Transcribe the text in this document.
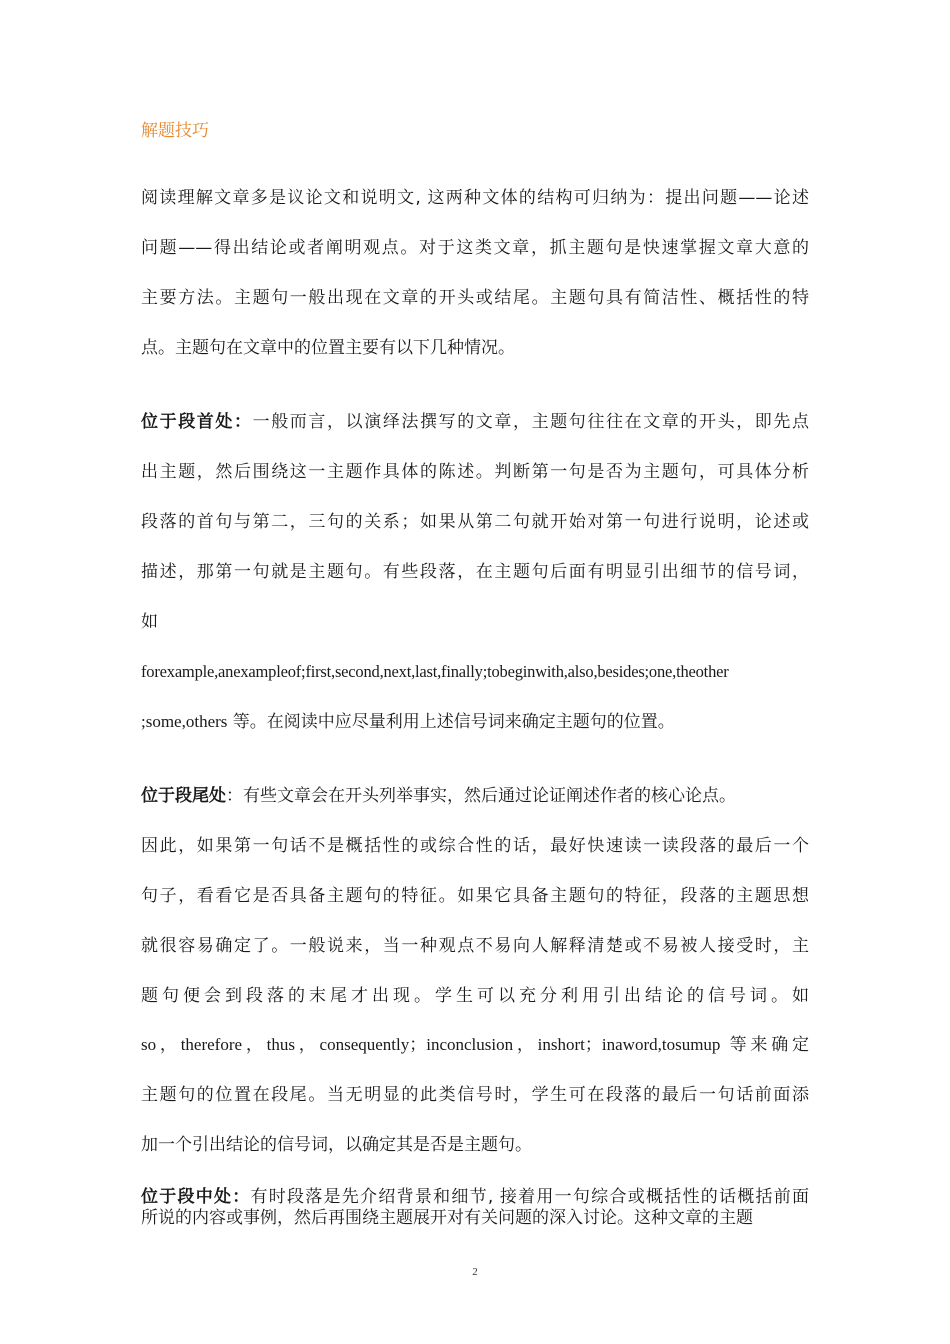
解题技巧

阅读理解文章多是议论文和说明文, 这两种文体的结构可归纳为：提出问题——论述

问题——得出结论或者阐明观点。对于这类文章，抓主题句是快速掌握文章大意的

主要方法。主题句一般出现在文章的开头或结尾。主题句具有简洁性、概括性的特

点。主题句在文章中的位置主要有以下几种情况。

位于段首处：一般而言，以演绎法撰写的文章，主题句往往在文章的开头，即先点

出主题，然后围绕这一主题作具体的陈述。判断第一句是否为主题句，可具体分析

段落的首句与第二，三句的关系；如果从第二句就开始对第一句进行说明，论述或

描述，那第一句就是主题句。有些段落，在主题句后面有明显引出细节的信号词，

如

forexample,anexampleof;first,second,next,last,finally;tobeginwith,also,besides;one,theother

;some,others 等。在阅读中应尽量利用上述信号词来确定主题句的位置。

位于段尾处：有些文章会在开头列举事实，然后通过论证阐述作者的核心论点。

因此，如果第一句话不是概括性的或综合性的话，最好快速读一读段落的最后一个

句子，看看它是否具备主题句的特征。如果它具备主题句的特征，段落的主题思想

就很容易确定了。一般说来，当一种观点不易向人解释清楚或不易被人接受时，主

题句便会到段落的末尾才出现。学生可以充分利用引出结论的信号词。如

so，therefore，thus，consequently；inconclusion，inshort；inaword,tosumup 等来确定

主题句的位置在段尾。当无明显的此类信号时，学生可在段落的最后一句话前面添

加一个引出结论的信号词，以确定其是否是主题句。

位于段中处：有时段落是先介绍背景和细节, 接着用一句综合或概括性的话概括前面

所说的内容或事例，然后再围绕主题展开对有关问题的深入讨论。这种文章的主题

2
